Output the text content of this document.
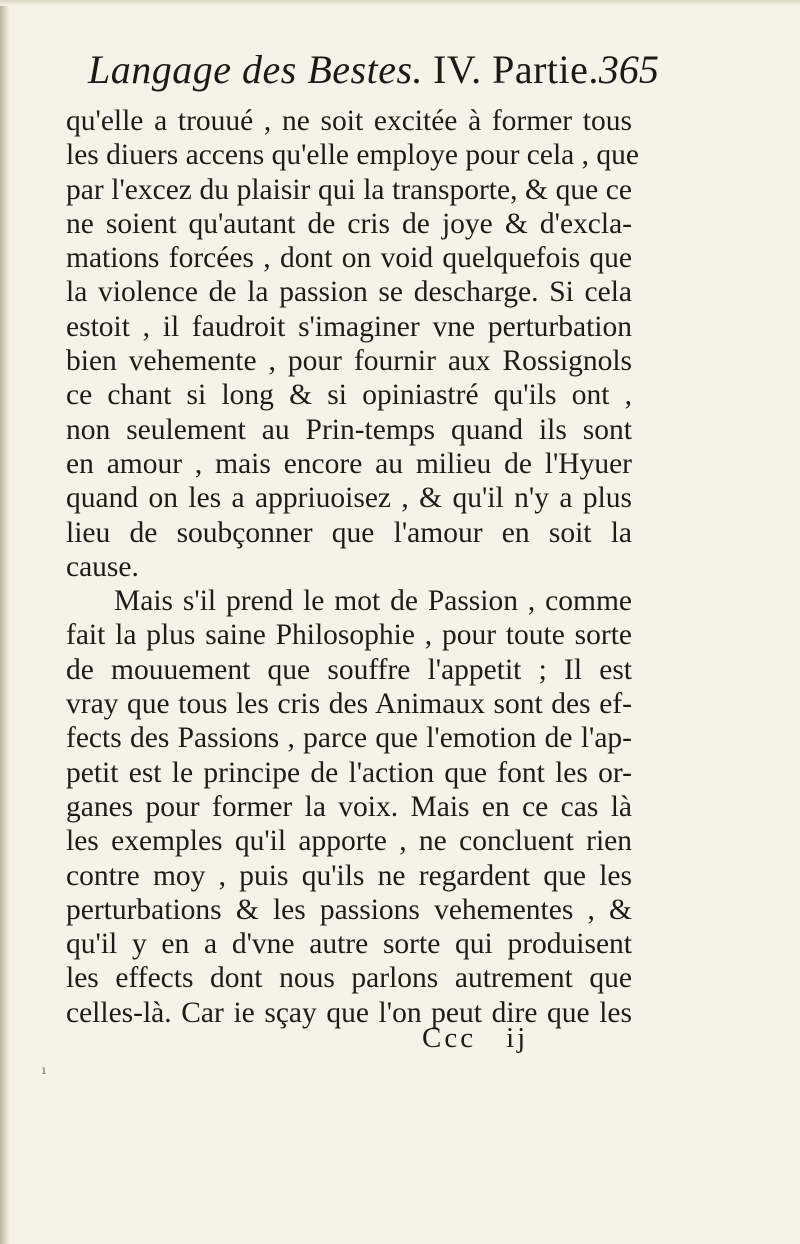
Langage des Bestes. IV. Partie.365
qu'elle a trouué , ne soit excitée à former tous
les diuers accens qu'elle employe pour cela , que
par l'excez du plaisir qui la transporte, & que ce
ne soient qu'autant de cris de joye & d'excla-
mations forcées , dont on void quelquefois que
la violence de la passion se descharge. Si cela
estoit , il faudroit s'imaginer vne perturbation
bien vehemente , pour fournir aux Rossignols
ce chant si long & si opiniastré qu'ils ont ,
non seulement au Prin-temps quand ils sont
en amour , mais encore au milieu de l'Hyuer
quand on les a appriuoisez , & qu'il n'y a plus
lieu de soubçonner que l'amour en soit la
cause.
Mais s'il prend le mot de Passion , comme
fait la plus saine Philosophie , pour toute sorte
de mouuement que souffre l'appetit ; Il est
vray que tous les cris des Animaux sont des ef-
fects des Passions , parce que l'emotion de l'ap-
petit est le principe de l'action que font les or-
ganes pour former la voix. Mais en ce cas là
les exemples qu'il apporte , ne concluent rien
contre moy , puis qu'ils ne regardent que les
perturbations & les passions vehementes , &
qu'il y en a d'vne autre sorte qui produisent
les effects dont nous parlons autrement que
celles-là. Car ie sçay que l'on peut dire que les
Ccc ij
ı
